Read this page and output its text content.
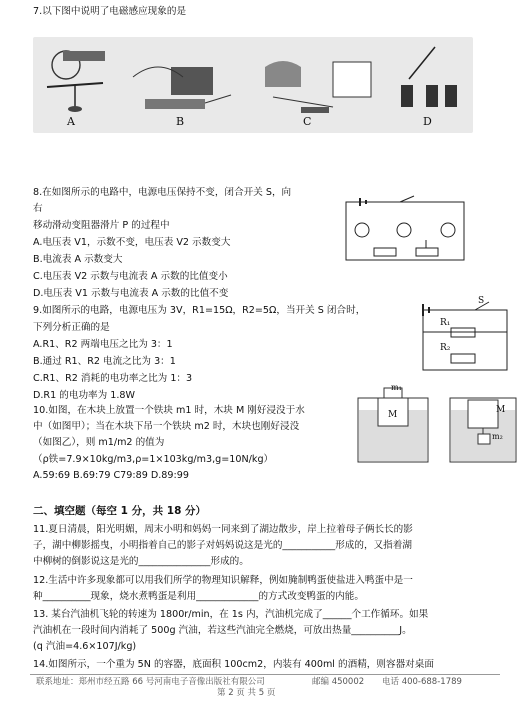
7.以下图中说明了电磁感应现象的是
A	B	C	D
8.在如图所示的电路中，电源电压保持不变，闭合开关 S，向
右
移动滑动变阻器滑片 P 的过程中
A.电压表 V1，示数不变，电压表 V2 示数变大
B.电流表 A 示数变大
C.电压表 V2 示数与电流表 A 示数的比值变小
D.电压表 V1 示数与电流表 A 示数的比值不变
9.如图所示的电路，电源电压为 3V，R1=15Ω，R2=5Ω，当开关 S 闭合时，
下列分析正确的是
A.R1、R2 两端电压之比为 3：1
B.通过 R1、R2 电流之比为 3：1
C.R1、R2 消耗的电功率之比为 1：3
D.R1 的电功率为 1.8W
S
R₁
R₂
10.如图，在木块上放置一个铁块 m1 时，木块 M 刚好浸没于水
中（如图甲）；当在木块下吊一个铁块 m2 时，木块也刚好浸没
（如图乙），则 m1/m2 的值为
（ρ铁=7.9×10kg/m3,ρ=1×103kg/m3,g=10N/kg）
A.59:69 B.69:79 C79:89 D.89:99
m₁
M	M
m₂
二、填空题（每空 1 分，共 18 分）
11.夏日清晨，阳光明媚，周末小明和妈妈一同来到了湖边散步，岸上拉着母子俩长长的影
子，湖中柳影摇曳，小明指着自己的影子对妈妈说这是光的___________形成的，又指着湖
中柳树的倒影说这是光的_______________形成的。
12.生活中许多现象都可以用我们所学的物理知识解释，例如腌制鸭蛋使盐进入鸭蛋中是一
种__________现象，烧水煮鸭蛋是利用_____________的方式改变鸭蛋的内能。
13. 某台汽油机飞轮的转速为 1800r/min，在 1s 内，汽油机完成了______个工作循环。如果
汽油机在一段时间内消耗了 500g 汽油，若这些汽油完全燃烧，可放出热量__________J。
(q 汽油=4.6×107J/kg)
14.如图所示，一个重为 5N 的容器，底面积 100cm2，内装有 400ml 的酒精，则容器对桌面
联系地址：郑州市经五路 66 号河南电子音像出版社有限公司	邮编 450002 电话 400-688-1789
第 2 页 共 5 页
